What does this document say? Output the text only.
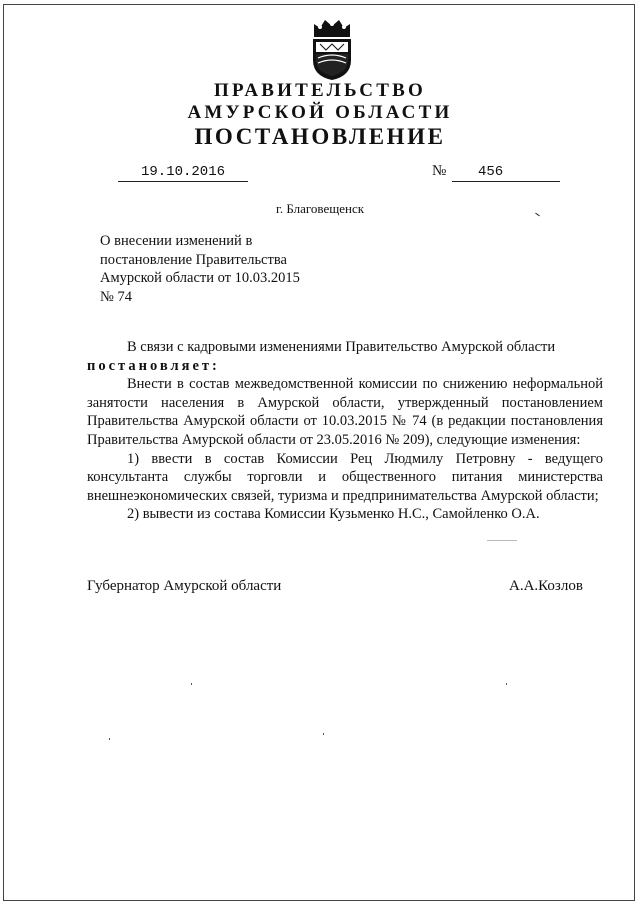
ПРАВИТЕЛЬСТВО
АМУРСКОЙ ОБЛАСТИ
ПОСТАНОВЛЕНИЕ
19.10.2016	№	456
г. Благовещенск
О внесении изменений в
постановление Правительства
Амурской области от 10.03.2015
№ 74

В связи с кадровыми изменениями Правительство Амурской области

постановляет:

Внести в состав межведомственной комиссии по снижению неформальной занятости населения в Амурской области, утвержденный постановлением Правительства Амурской области от 10.03.2015 № 74 (в редакции постановления Правительства Амурской области от 23.05.2016 № 209), следующие изменения:

1) ввести в состав Комиссии Рец Людмилу Петровну - ведущего консультанта службы торговли и общественного питания министерства внешнеэкономических связей, туризма и предпринимательства Амурской области;

2) вывести из состава Комиссии Кузьменко Н.С., Самойленко О.А.

Губернатор Амурской области	А.А.Козлов
